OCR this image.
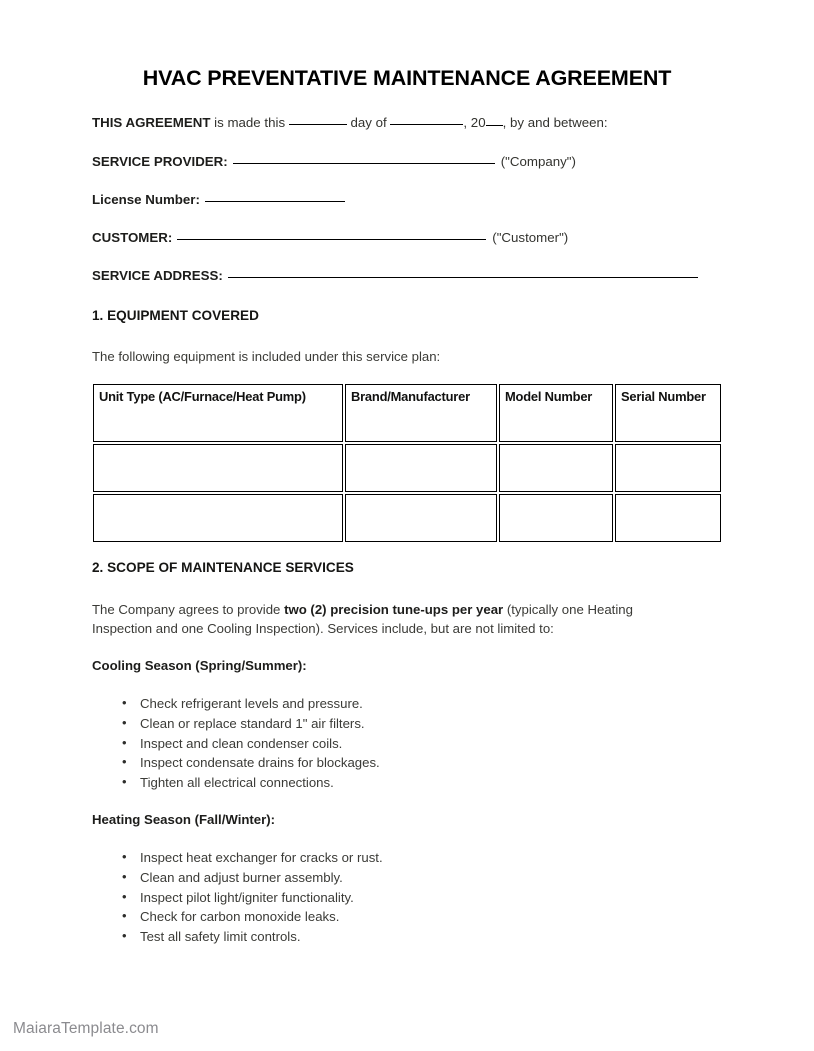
HVAC PREVENTATIVE MAINTENANCE AGREEMENT
THIS AGREEMENT is made this	day of	, 20 , by and between:
SERVICE PROVIDER:	("Company")
License Number:
CUSTOMER:	("Customer")
SERVICE ADDRESS:
1. EQUIPMENT COVERED
The following equipment is included under this service plan:
Unit Type (AC/Furnace/Heat Pump)	Brand/Manufacturer	Model Number	Serial Number

2. SCOPE OF MAINTENANCE SERVICES
The Company agrees to provide two (2) precision tune-ups per year (typically one Heating Inspection and one Cooling Inspection). Services include, but are not limited to:
Cooling Season (Spring/Summer):
• Check refrigerant levels and pressure.
• Clean or replace standard 1" air filters.
• Inspect and clean condenser coils.
• Inspect condensate drains for blockages.
• Tighten all electrical connections.
Heating Season (Fall/Winter):
• Inspect heat exchanger for cracks or rust.
• Clean and adjust burner assembly.
• Inspect pilot light/igniter functionality.
• Check for carbon monoxide leaks.
• Test all safety limit controls.
MaiaraTemplate.com
